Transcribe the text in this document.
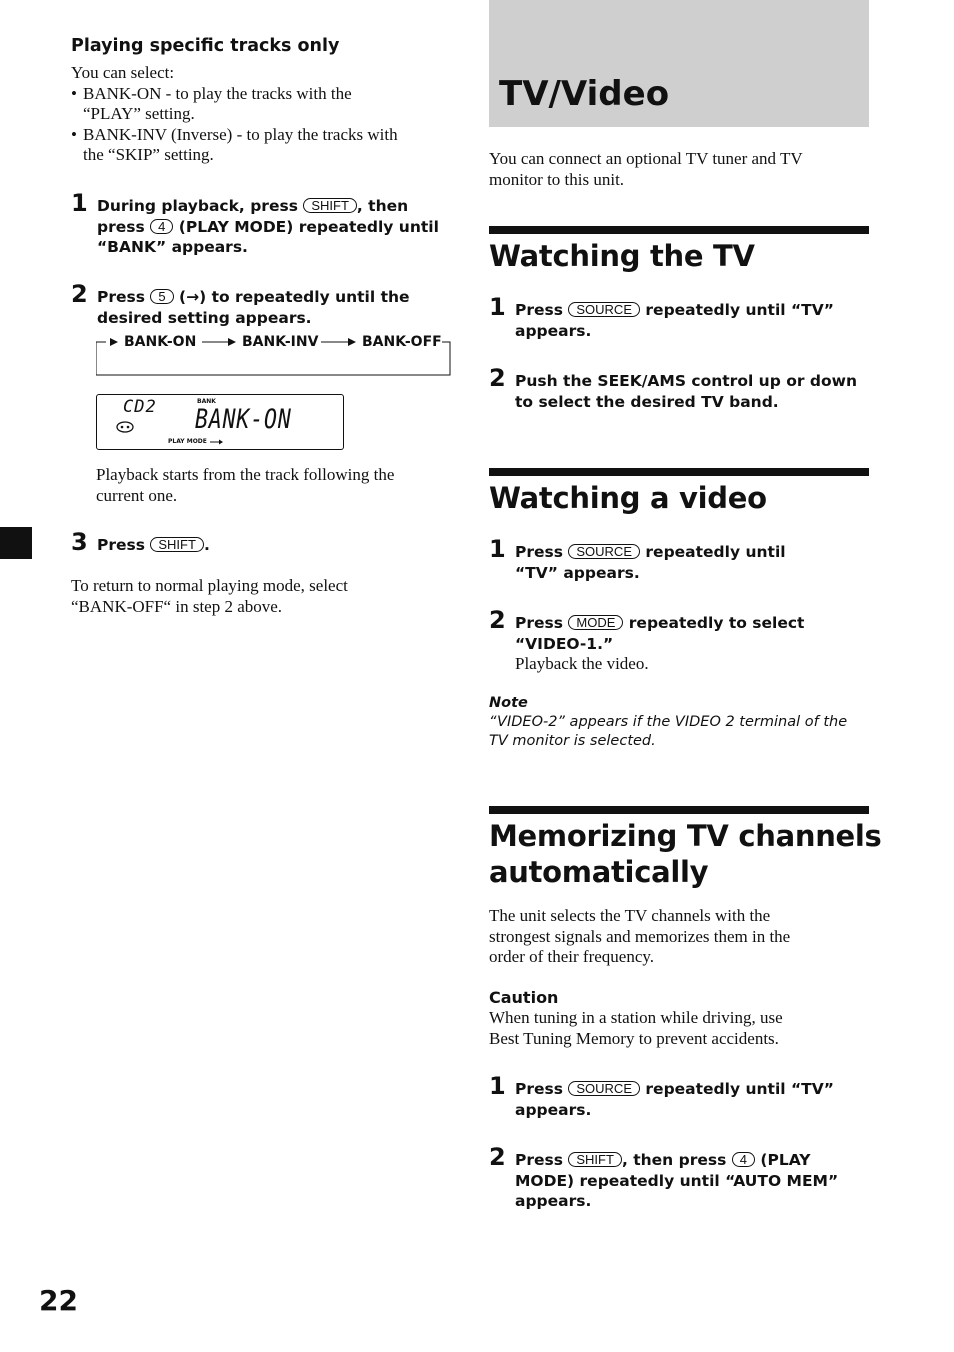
Playing specific tracks only
You can select:
• BANK-ON - to play the tracks with the
“PLAY” setting.
• BANK-INV (Inverse) - to play the tracks with
the “SKIP” setting.
1 During playback, press SHIFT , then
press 4 (PLAY MODE) repeatedly until
“BANK” appears.
2 Press 5 (→) to repeatedly until the
desired setting appears.
BANK-ON	BANK-INV	BANK-OFF
CD2	BANK
BANK-ON
PLAY MODE
Playback starts from the track following the
current one.
3 Press SHIFT .
To return to normal playing mode, select
“BANK-OFF“ in step 2 above.
TV/Video
You can connect an optional TV tuner and TV
monitor to this unit.
Watching the TV
1 Press SOURCE repeatedly until “TV”
appears.
2 Push the SEEK/AMS control up or down
to select the desired TV band.
Watching a video
1 Press SOURCE repeatedly until
“TV” appears.
2 Press MODE repeatedly to select
“VIDEO-1.”
Playback the video.
Note
“VIDEO-2” appears if the VIDEO 2 terminal of the
TV monitor is selected.
Memorizing TV channels
automatically
The unit selects the TV channels with the
strongest signals and memorizes them in the
order of their frequency.
Caution
When tuning in a station while driving, use
Best Tuning Memory to prevent accidents.
1 Press SOURCE repeatedly until “TV”
appears.
2 Press SHIFT , then press 4 (PLAY
MODE) repeatedly until “AUTO MEM”
appears.
22
